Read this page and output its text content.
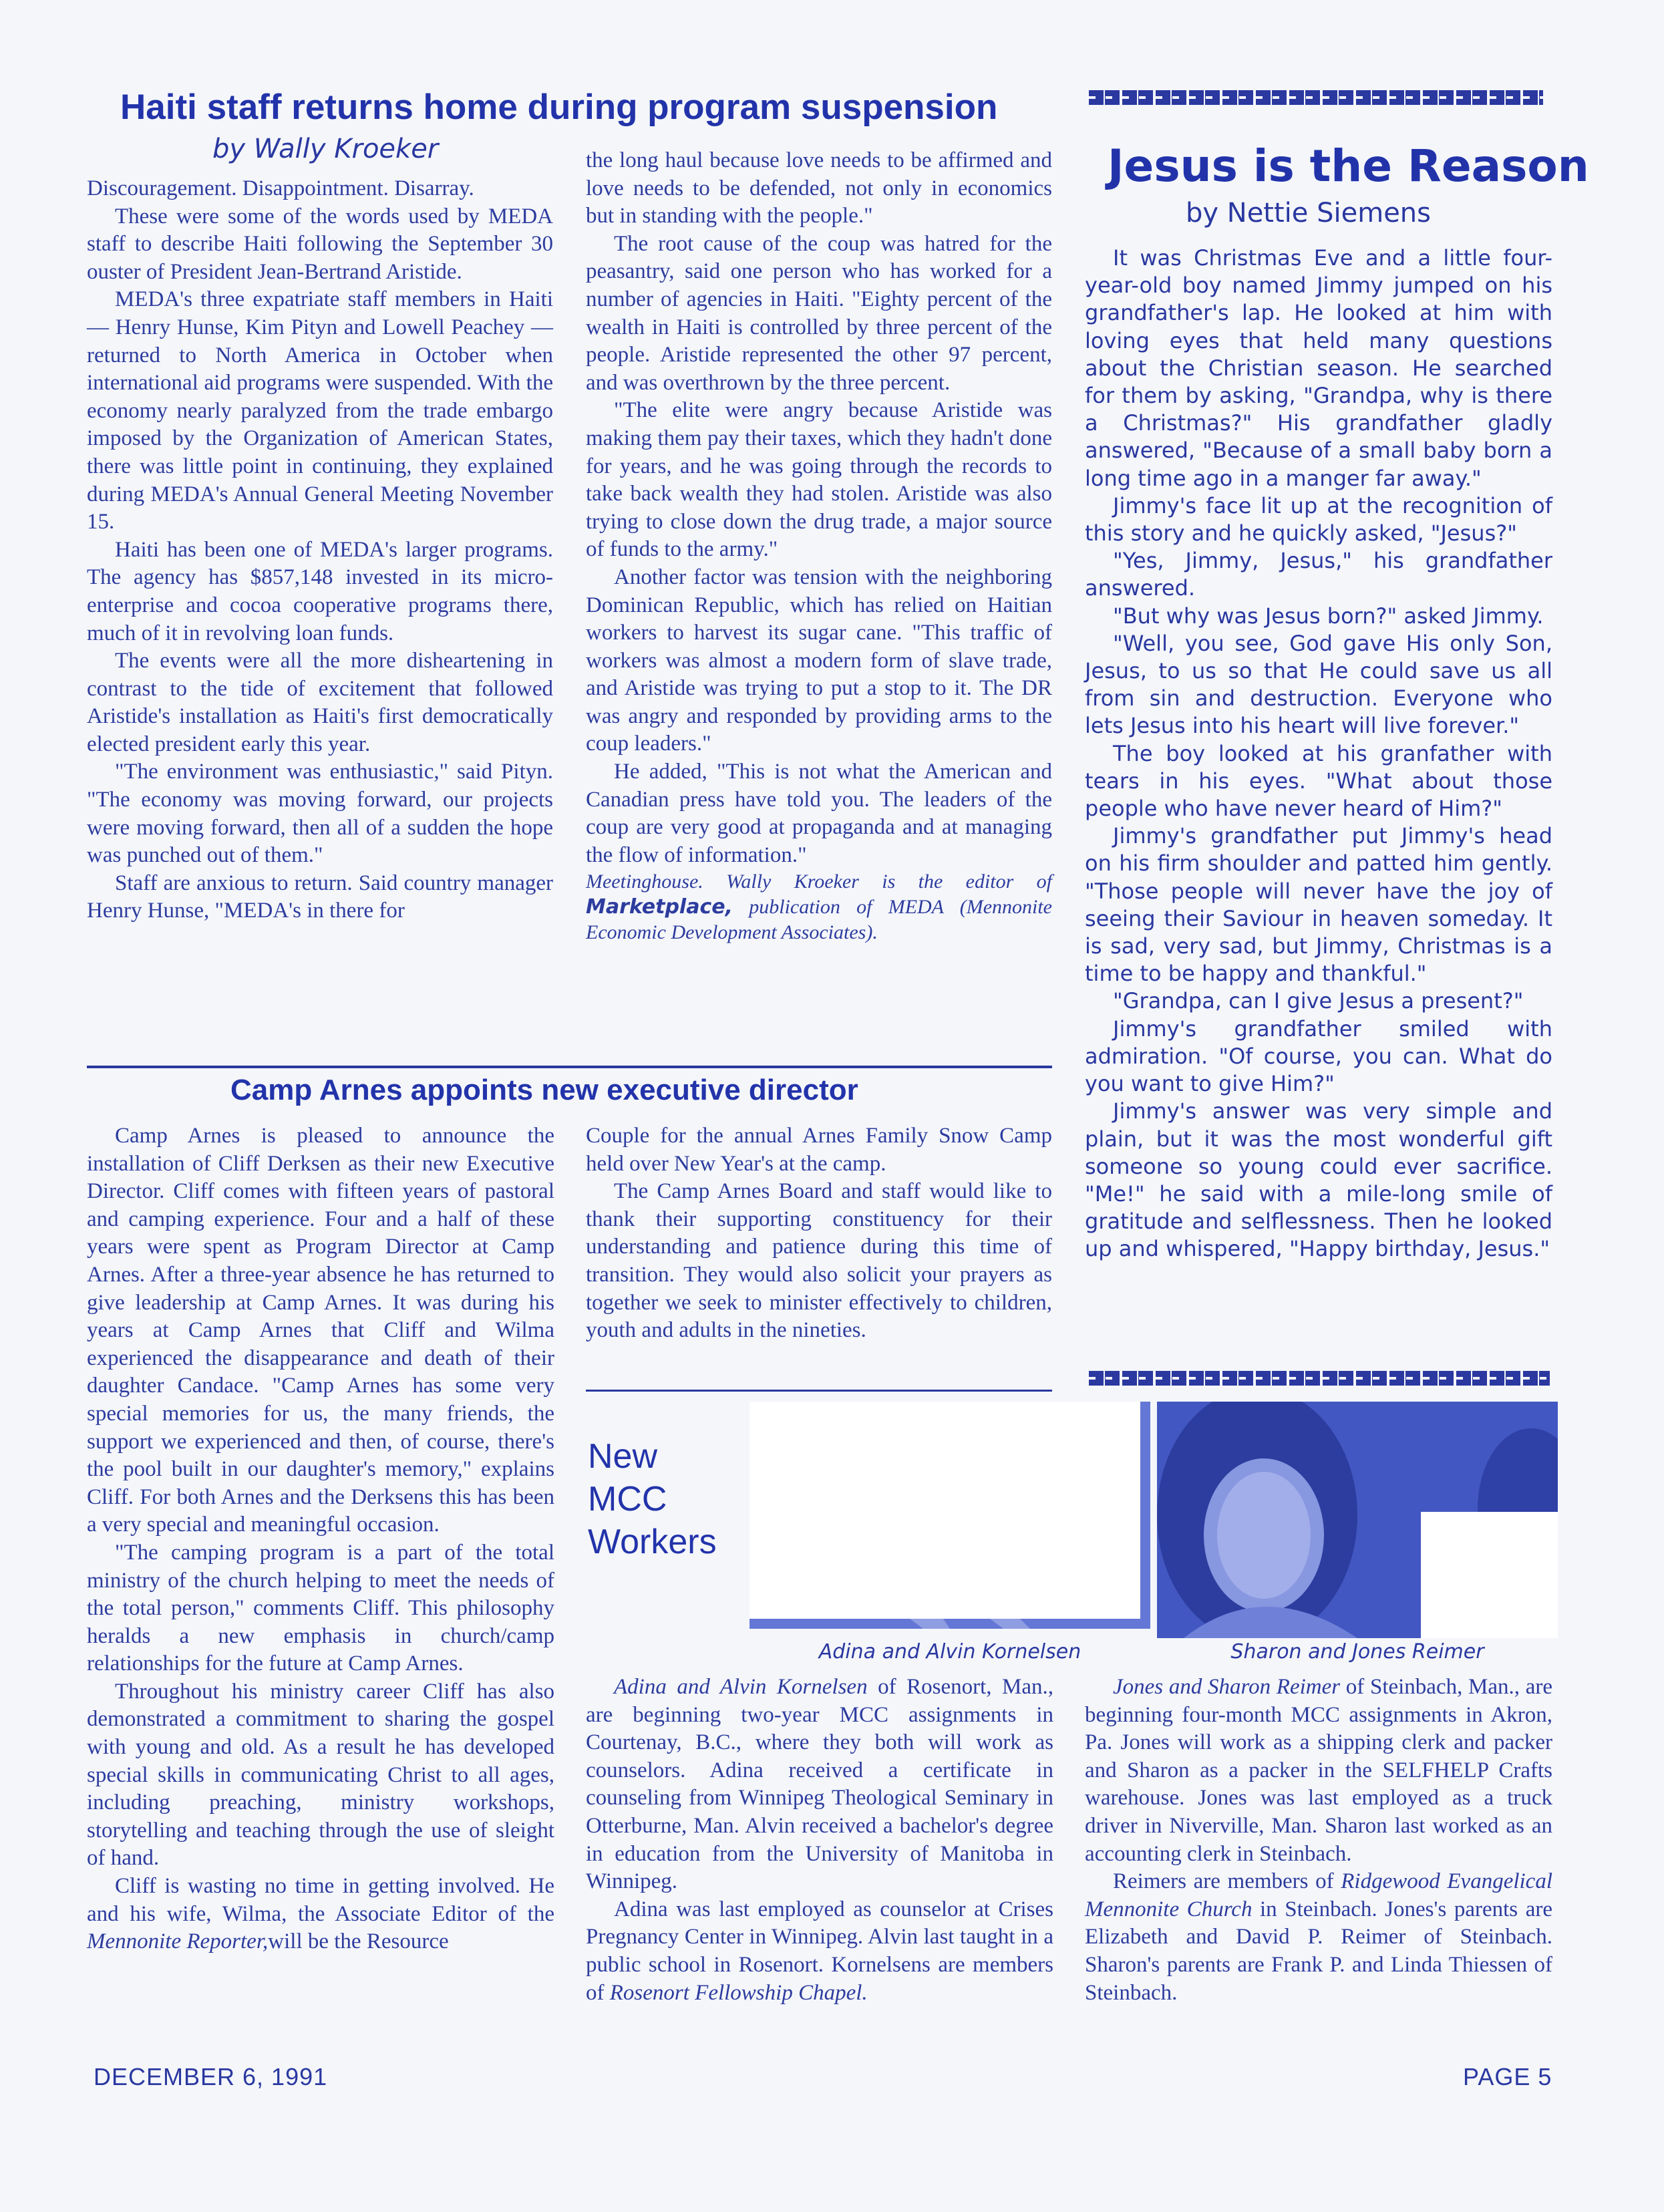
Haiti staff returns home during program suspension
by Wally Kroeker

Discouragement. Disappointment. Disarray.

These were some of the words used by MEDA staff to describe Haiti following the September 30 ouster of President Jean-Bertrand Aristide.

MEDA's three expatriate staff members in Haiti — Henry Hunse, Kim Pityn and Lowell Peachey — returned to North America in October when international aid programs were suspended. With the economy nearly paralyzed from the trade embargo imposed by the Organization of American States, there was little point in continuing, they explained during MEDA's Annual General Meeting November 15.

Haiti has been one of MEDA's larger programs. The agency has $857,148 invested in its micro-enterprise and cocoa cooperative programs there, much of it in revolving loan funds.

The events were all the more disheartening in contrast to the tide of excitement that followed Aristide's installation as Haiti's first democratically elected president early this year.

"The environment was enthusiastic," said Pityn. "The economy was moving forward, our projects were moving forward, then all of a sudden the hope was punched out of them."

Staff are anxious to return. Said country manager Henry Hunse, "MEDA's in there for

the long haul because love needs to be affirmed and love needs to be defended, not only in economics but in standing with the people."

The root cause of the coup was hatred for the peasantry, said one person who has worked for a number of agencies in Haiti. "Eighty percent of the wealth in Haiti is controlled by three percent of the people. Aristide represented the other 97 percent, and was overthrown by the three percent.

"The elite were angry because Aristide was making them pay their taxes, which they hadn't done for years, and he was going through the records to take back wealth they had stolen. Aristide was also trying to close down the drug trade, a major source of funds to the army."

Another factor was tension with the neighboring Dominican Republic, which has relied on Haitian workers to harvest its sugar cane. "This traffic of workers was almost a modern form of slave trade, and Aristide was trying to put a stop to it. The DR was angry and responded by providing arms to the coup leaders."

He added, "This is not what the American and Canadian press have told you. The leaders of the coup are very good at propaganda and at managing the flow of information."

Meetinghouse. Wally Kroeker is the editor of Marketplace, publication of MEDA (Mennonite Economic Development Associates).

Jesus is the Reason
by Nettie Siemens

It was Christmas Eve and a little four-year-old boy named Jimmy jumped on his grandfather's lap. He looked at him with loving eyes that held many questions about the Christian season. He searched for them by asking, "Grandpa, why is there a Christmas?" His grandfather gladly answered, "Because of a small baby born a long time ago in a manger far away."

Jimmy's face lit up at the recognition of this story and he quickly asked, "Jesus?"

"Yes, Jimmy, Jesus," his grandfather answered.

"But why was Jesus born?" asked Jimmy.

"Well, you see, God gave His only Son, Jesus, to us so that He could save us all from sin and destruction. Everyone who lets Jesus into his heart will live forever."

The boy looked at his granfather with tears in his eyes. "What about those people who have never heard of Him?"

Jimmy's grandfather put Jimmy's head on his firm shoulder and patted him gently. "Those people will never have the joy of seeing their Saviour in heaven someday. It is sad, very sad, but Jimmy, Christmas is a time to be happy and thankful."

"Grandpa, can I give Jesus a present?"

Jimmy's grandfather smiled with admiration. "Of course, you can. What do you want to give Him?"

Jimmy's answer was very simple and plain, but it was the most wonderful gift someone so young could ever sacrifice. "Me!" he said with a mile-long smile of gratitude and selflessness. Then he looked up and whispered, "Happy birthday, Jesus."

Camp Arnes appoints new executive director

Camp Arnes is pleased to announce the installation of Cliff Derksen as their new Executive Director. Cliff comes with fifteen years of pastoral and camping experience. Four and a half of these years were spent as Program Director at Camp Arnes. After a three-year absence he has returned to give leadership at Camp Arnes. It was during his years at Camp Arnes that Cliff and Wilma experienced the disappearance and death of their daughter Candace. "Camp Arnes has some very special memories for us, the many friends, the support we experienced and then, of course, there's the pool built in our daughter's memory," explains Cliff. For both Arnes and the Derksens this has been a very special and meaningful occasion.

"The camping program is a part of the total ministry of the church helping to meet the needs of the total person," comments Cliff. This philosophy heralds a new emphasis in church/camp relationships for the future at Camp Arnes.

Throughout his ministry career Cliff has also demonstrated a commitment to sharing the gospel with young and old. As a result he has developed special skills in communicating Christ to all ages, including preaching, ministry workshops, storytelling and teaching through the use of sleight of hand.

Cliff is wasting no time in getting involved. He and his wife, Wilma, the Associate Editor of the Mennonite Reporter,will be the Resource

Couple for the annual Arnes Family Snow Camp held over New Year's at the camp.

The Camp Arnes Board and staff would like to thank their supporting constituency for their understanding and patience during this time of transition. They would also solicit your prayers as together we seek to minister effectively to children, youth and adults in the nineties.

New
MCC
Workers
Adina and Alvin Kornelsen	Sharon and Jones Reimer

Adina and Alvin Kornelsen of Rosenort, Man., are beginning two-year MCC assignments in Courtenay, B.C., where they both will work as counselors. Adina received a certificate in counseling from Winnipeg Theological Seminary in Otterburne, Man. Alvin received a bachelor's degree in education from the University of Manitoba in Winnipeg.

Adina was last employed as counselor at Crises Pregnancy Center in Winnipeg. Alvin last taught in a public school in Rosenort. Kornelsens are members of Rosenort Fellowship Chapel.

Jones and Sharon Reimer of Steinbach, Man., are beginning four-month MCC assignments in Akron, Pa. Jones will work as a shipping clerk and packer and Sharon as a packer in the SELFHELP Crafts warehouse. Jones was last employed as a truck driver in Niverville, Man. Sharon last worked as an accounting clerk in Steinbach.

Reimers are members of Ridgewood Evangelical Mennonite Church in Steinbach. Jones's parents are Elizabeth and David P. Reimer of Steinbach. Sharon's parents are Frank P. and Linda Thiessen of Steinbach.

DECEMBER 6, 1991	PAGE 5
